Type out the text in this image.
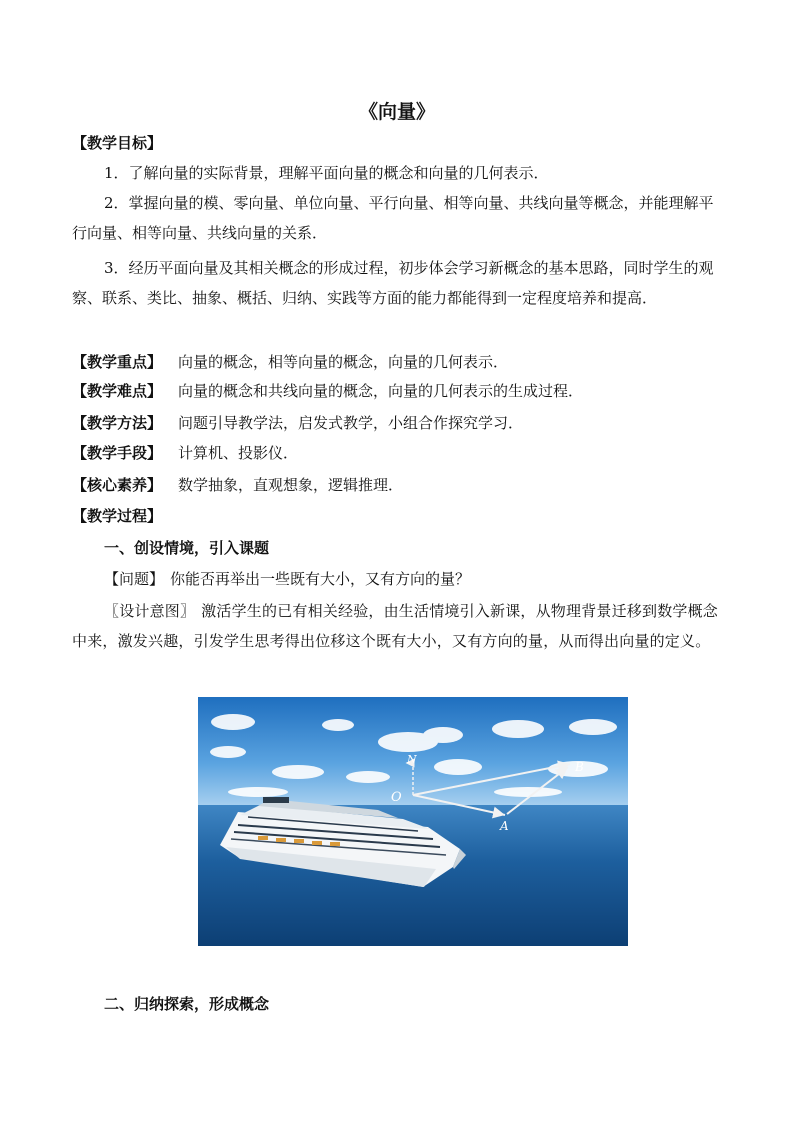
《向量》
【教学目标】
1．了解向量的实际背景，理解平面向量的概念和向量的几何表示．
2．掌握向量的模、零向量、单位向量、平行向量、相等向量、共线向量等概念，并能理解平行向量、相等向量、共线向量的关系．
3．经历平面向量及其相关概念的形成过程，初步体会学习新概念的基本思路，同时学生的观察、联系、类比、抽象、概括、归纳、实践等方面的能力都能得到一定程度培养和提高．
【教学重点】 向量的概念，相等向量的概念，向量的几何表示．
【教学难点】 向量的概念和共线向量的概念，向量的几何表示的生成过程．
【教学方法】 问题引导教学法，启发式教学，小组合作探究学习．
【教学手段】 计算机、投影仪．
【核心素养】 数学抽象，直观想象，逻辑推理．
【教学过程】
一、创设情境，引入课题
【问题】 你能否再举出一些既有大小，又有方向的量？
〖设计意图〗 激活学生的已有相关经验，由生活情境引入新课，从物理背景迁移到数学概念中来，激发兴趣，引发学生思考得出位移这个既有大小，又有方向的量，从而得出向量的定义。
N
O
A
B
二、归纳探索，形成概念
